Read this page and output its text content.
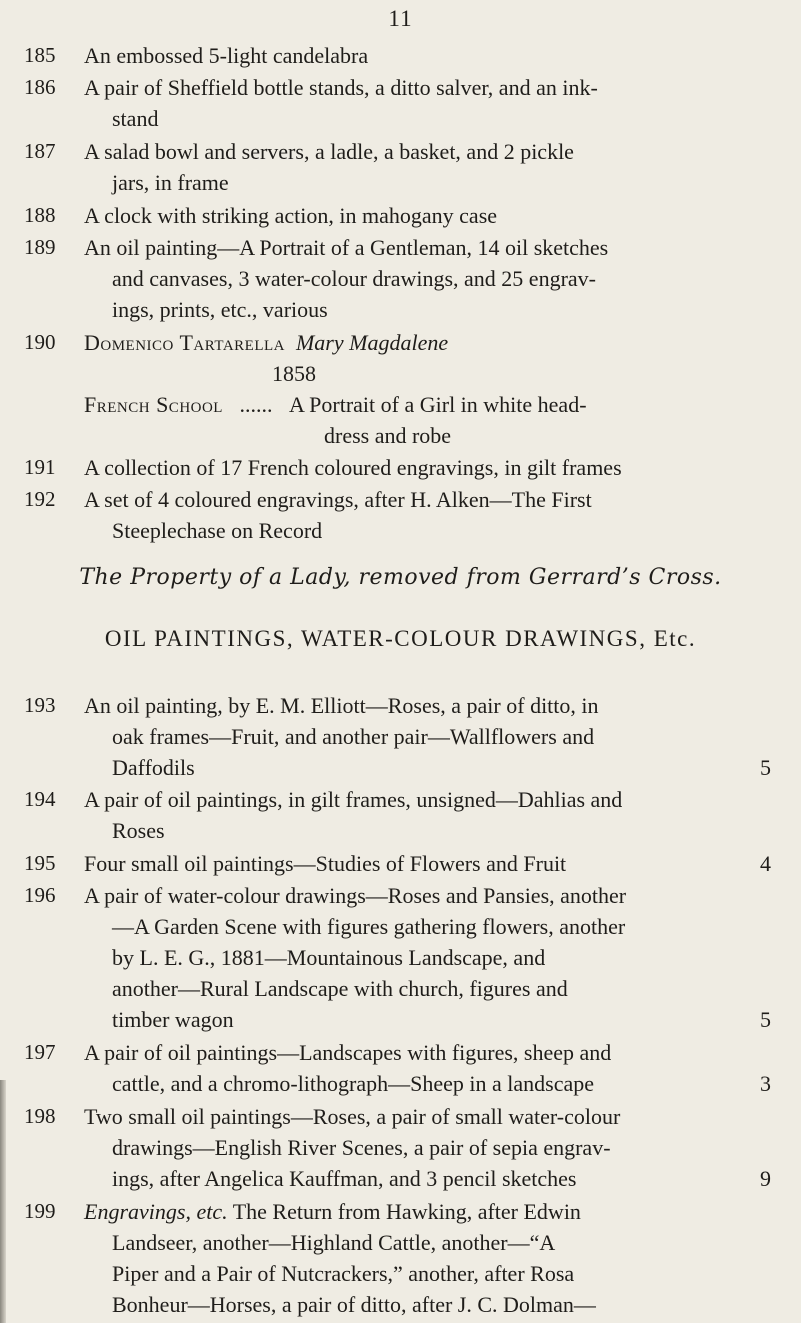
11
185	An embossed 5-light candelabra
186	A pair of Sheffield bottle stands, a ditto salver, and an ink-
stand
187	A salad bowl and servers, a ladle, a basket, and 2 pickle
jars, in frame
188	A clock with striking action, in mahogany case
189	An oil painting—A Portrait of a Gentleman, 14 oil sketches
and canvases, 3 water-colour drawings, and 25 engrav-
ings, prints, etc., various
190	Domenico Tartarella Mary Magdalene
1858
French School ...... A Portrait of a Girl in white head-
dress and robe
191	A collection of 17 French coloured engravings, in gilt frames
192	A set of 4 coloured engravings, after H. Alken—The First
Steeplechase on Record
The Property of a Lady, removed from Gerrard’s Cross.
OIL PAINTINGS, WATER-COLOUR DRAWINGS, Etc.
193	An oil painting, by E. M. Elliott—Roses, a pair of ditto, in
oak frames—Fruit, and another pair—Wallflowers and
Daffodils	5
194	A pair of oil paintings, in gilt frames, unsigned—Dahlias and
Roses
195	Four small oil paintings—Studies of Flowers and Fruit	4
196	A pair of water-colour drawings—Roses and Pansies, another
—A Garden Scene with figures gathering flowers, another
by L. E. G., 1881—Mountainous Landscape, and
another—Rural Landscape with church, figures and
timber wagon	5
197	A pair of oil paintings—Landscapes with figures, sheep and
cattle, and a chromo-lithograph—Sheep in a landscape	3
198	Two small oil paintings—Roses, a pair of small water-colour
drawings—English River Scenes, a pair of sepia engrav-
ings, after Angelica Kauffman, and 3 pencil sketches	9
199	Engravings, etc. The Return from Hawking, after Edwin
Landseer, another—Highland Cattle, another—“A
Piper and a Pair of Nutcrackers,” another, after Rosa
Bonheur—Horses, a pair of ditto, after J. C. Dolman—
